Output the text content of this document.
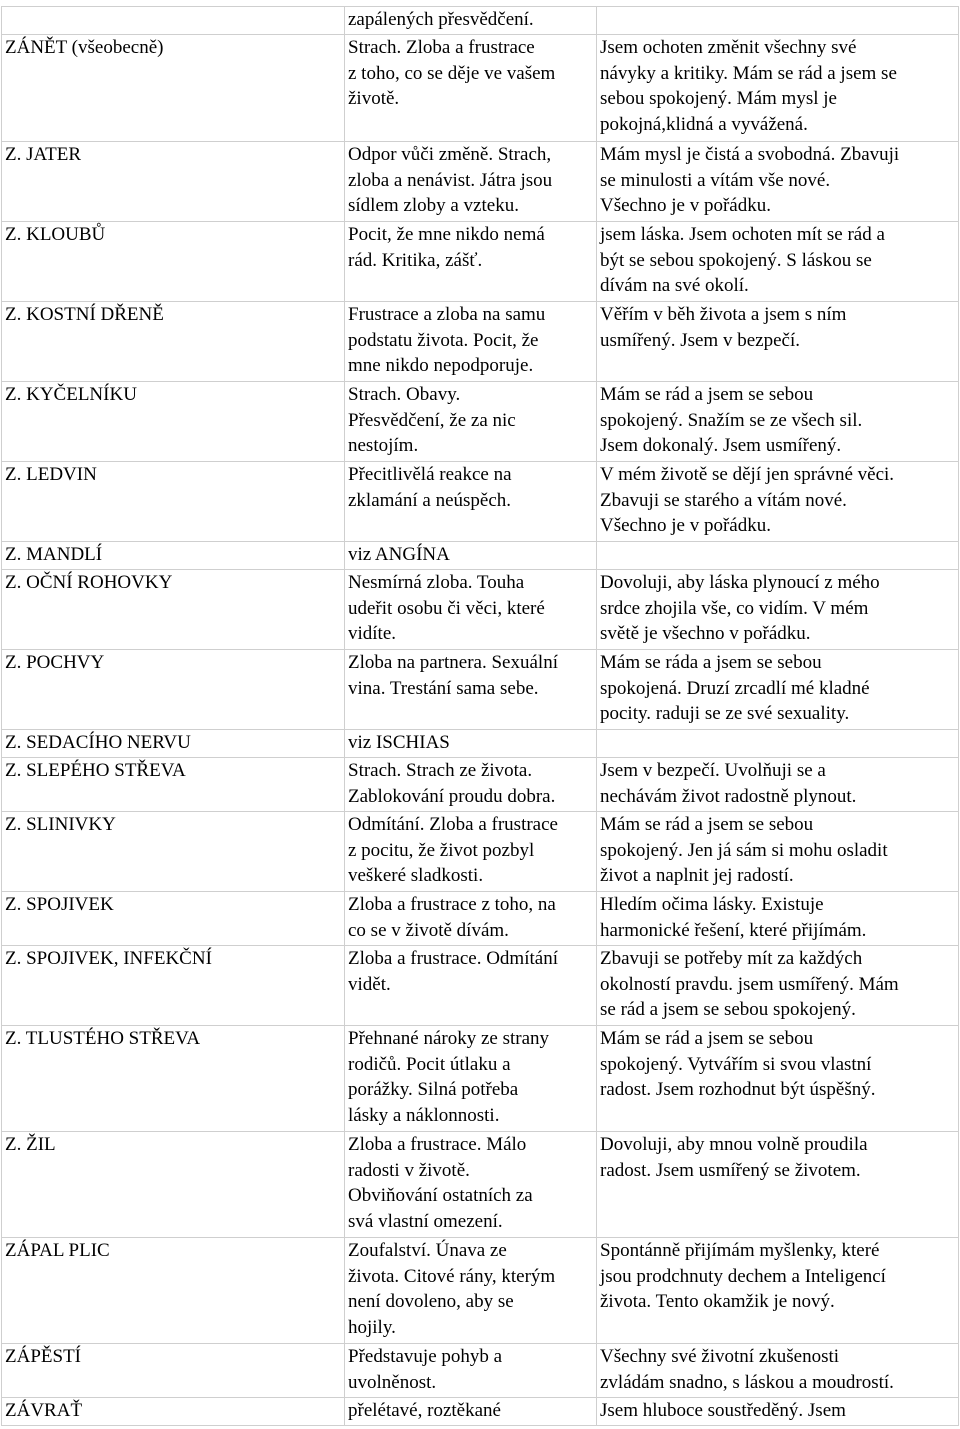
	zapálených přesvědčení.	
ZÁNĚT (všeobecně)	Strach. Zloba a frustrace
z toho, co se děje ve vašem
životě.	Jsem ochoten změnit všechny své
návyky a kritiky. Mám se rád a jsem se
sebou spokojený. Mám mysl je
pokojná,klidná a vyvážená.
Z. JATER	Odpor vůči změně. Strach,
zloba a nenávist. Játra jsou
sídlem zloby a vzteku.	Mám mysl je čistá a svobodná. Zbavuji
se minulosti a vítám vše nové.
Všechno je v pořádku.
Z. KLOUBŮ	Pocit, že mne nikdo nemá
rád. Kritika, zášť.	jsem láska. Jsem ochoten mít se rád a
být se sebou spokojený. S láskou se
dívám na své okolí.
Z. KOSTNÍ DŘENĚ	Frustrace a zloba na samu
podstatu života. Pocit, že
mne nikdo nepodporuje.	Věřím v běh života a jsem s ním
usmířený. Jsem v bezpečí.
Z. KYČELNÍKU	Strach. Obavy.
Přesvědčení, že za nic
nestojím.	Mám se rád a jsem se sebou
spokojený. Snažím se ze všech sil.
Jsem dokonalý. Jsem usmířený.
Z. LEDVIN	Přecitlivělá reakce na
zklamání a neúspěch.	V mém životě se dějí jen správné věci.
Zbavuji se starého a vítám nové.
Všechno je v pořádku.
Z. MANDLÍ	viz ANGÍNA	
Z. OČNÍ ROHOVKY	Nesmírná zloba. Touha
udeřit osobu či věci, které
vidíte.	Dovoluji, aby láska plynoucí z mého
srdce zhojila vše, co vidím. V mém
světě je všechno v pořádku.
Z. POCHVY	Zloba na partnera. Sexuální
vina. Trestání sama sebe.	Mám se ráda a jsem se sebou
spokojená. Druzí zrcadlí mé kladné
pocity. raduji se ze své sexuality.
Z. SEDACÍHO NERVU	viz ISCHIAS	
Z. SLEPÉHO STŘEVA	Strach. Strach ze života.
Zablokování proudu dobra.	Jsem v bezpečí. Uvolňuji se a
nechávám život radostně plynout.
Z. SLINIVKY	Odmítání. Zloba a frustrace
z pocitu, že život pozbyl
veškeré sladkosti.	Mám se rád a jsem se sebou
spokojený. Jen já sám si mohu osladit
život a naplnit jej radostí.
Z. SPOJIVEK	Zloba a frustrace z toho, na
co se v životě dívám.	Hledím očima lásky. Existuje
harmonické řešení, které přijímám.
Z. SPOJIVEK, INFEKČNÍ	Zloba a frustrace. Odmítání
vidět.	Zbavuji se potřeby mít za každých
okolností pravdu. jsem usmířený. Mám
se rád a jsem se sebou spokojený.
Z. TLUSTÉHO STŘEVA	Přehnané nároky ze strany
rodičů. Pocit útlaku a
porážky. Silná potřeba
lásky a náklonnosti.	Mám se rád a jsem se sebou
spokojený. Vytvářím si svou vlastní
radost. Jsem rozhodnut být úspěšný.
Z. ŽIL	Zloba a frustrace. Málo
radosti v životě.
Obviňování ostatních za
svá vlastní omezení.	Dovoluji, aby mnou volně proudila
radost. Jsem usmířený se životem.
ZÁPAL PLIC	Zoufalství. Únava ze
života. Citové rány, kterým
není dovoleno, aby se
hojily.	Spontánně přijímám myšlenky, které
jsou prodchnuty dechem a Inteligencí
života. Tento okamžik je nový.
ZÁPĚSTÍ	Představuje pohyb a
uvolněnost.	Všechny své životní zkušenosti
zvládám snadno, s láskou a moudrostí.
ZÁVRAŤ	přelétavé, roztěkané	Jsem hluboce soustředěný. Jsem
